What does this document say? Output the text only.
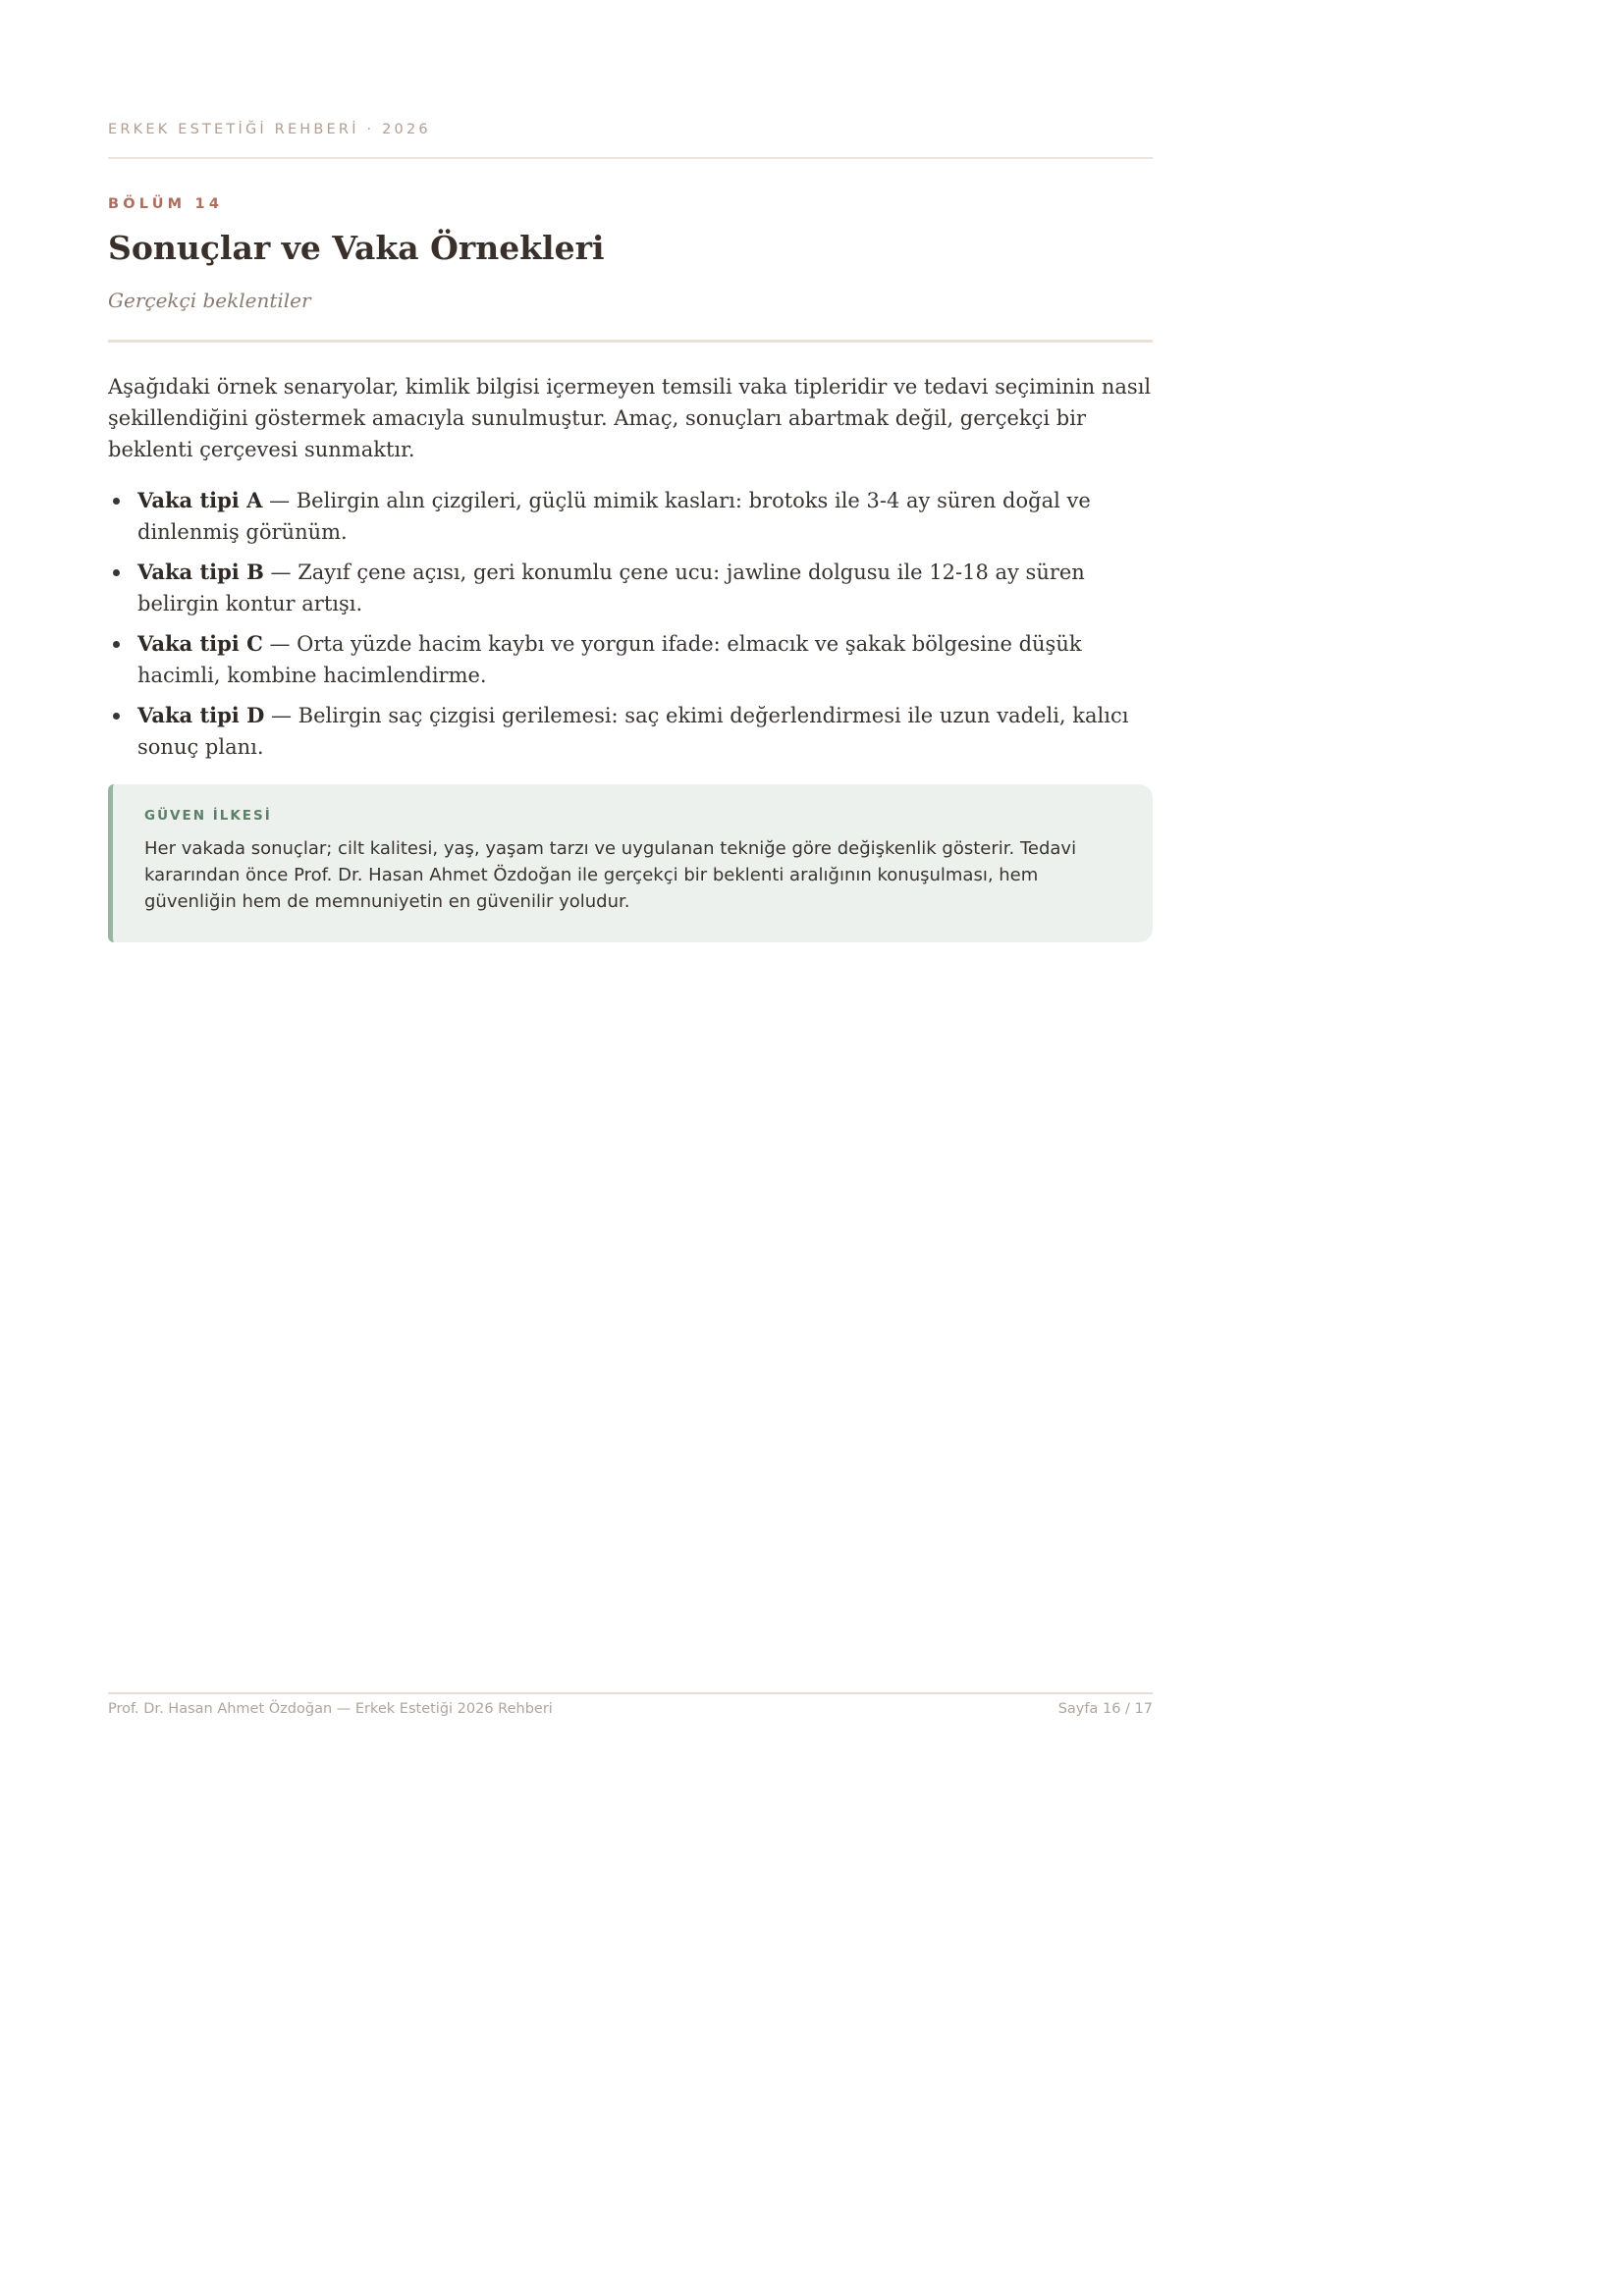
ERKEK ESTETİĞİ REHBERİ · 2026
BÖLÜM 14
Sonuçlar ve Vaka Örnekleri
Gerçekçi beklentiler

Aşağıdaki örnek senaryolar, kimlik bilgisi içermeyen temsili vaka tipleridir ve tedavi seçiminin nasıl şekillendiğini göstermek amacıyla sunulmuştur. Amaç, sonuçları abartmak değil, gerçekçi bir beklenti çerçevesi sunmaktır.

Vaka tipi A — Belirgin alın çizgileri, güçlü mimik kasları: brotoks ile 3-4 ay süren doğal ve dinlenmiş görünüm.
Vaka tipi B — Zayıf çene açısı, geri konumlu çene ucu: jawline dolgusu ile 12-18 ay süren belirgin kontur artışı.
Vaka tipi C — Orta yüzde hacim kaybı ve yorgun ifade: elmacık ve şakak bölgesine düşük hacimli, kombine hacimlendirme.
Vaka tipi D — Belirgin saç çizgisi gerilemesi: saç ekimi değerlendirmesi ile uzun vadeli, kalıcı sonuç planı.
GÜVEN İLKESİ

Her vakada sonuçlar; cilt kalitesi, yaş, yaşam tarzı ve uygulanan tekniğe göre değişkenlik gösterir. Tedavi kararından önce Prof. Dr. Hasan Ahmet Özdoğan ile gerçekçi bir beklenti aralığının konuşulması, hem güvenliğin hem de memnuniyetin en güvenilir yoludur.

Prof. Dr. Hasan Ahmet Özdoğan — Erkek Estetiği 2026 Rehberi	Sayfa 16 / 17
